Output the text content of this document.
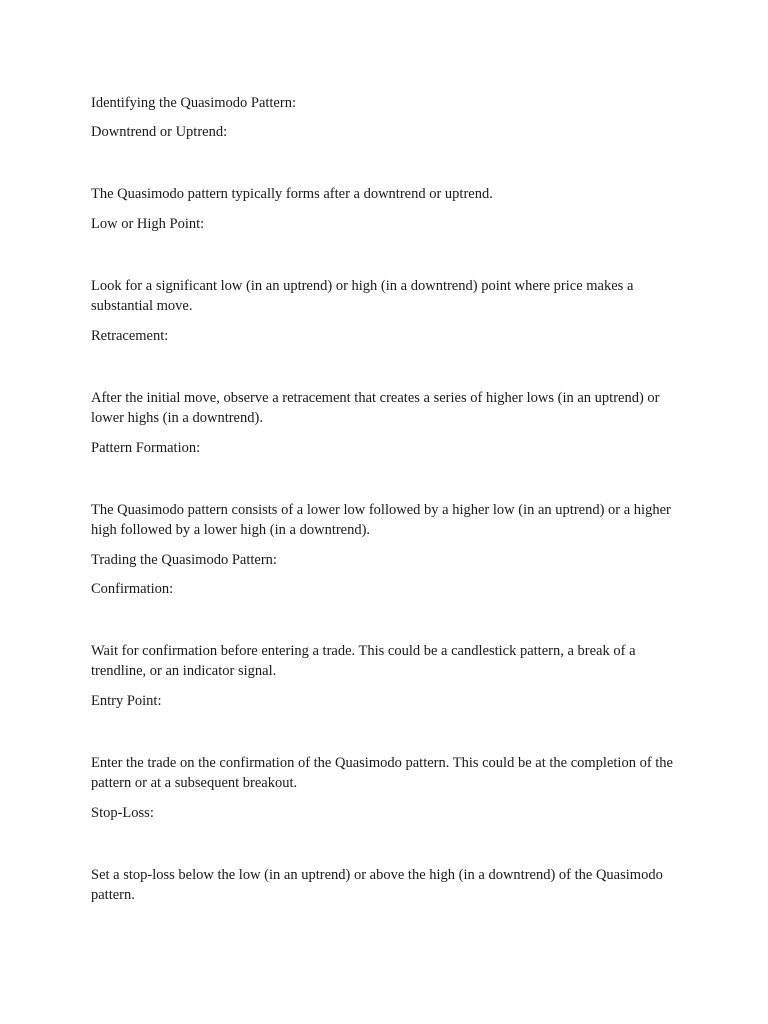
Identifying the Quasimodo Pattern:

Downtrend or Uptrend:

The Quasimodo pattern typically forms after a downtrend or uptrend.

Low or High Point:

Look for a significant low (in an uptrend) or high (in a downtrend) point where price makes a substantial move.

Retracement:

After the initial move, observe a retracement that creates a series of higher lows (in an uptrend) or lower highs (in a downtrend).

Pattern Formation:

The Quasimodo pattern consists of a lower low followed by a higher low (in an uptrend) or a higher high followed by a lower high (in a downtrend).

Trading the Quasimodo Pattern:

Confirmation:

Wait for confirmation before entering a trade. This could be a candlestick pattern, a break of a trendline, or an indicator signal.

Entry Point:

Enter the trade on the confirmation of the Quasimodo pattern. This could be at the completion of the pattern or at a subsequent breakout.

Stop-Loss:

Set a stop-loss below the low (in an uptrend) or above the high (in a downtrend) of the Quasimodo pattern.
